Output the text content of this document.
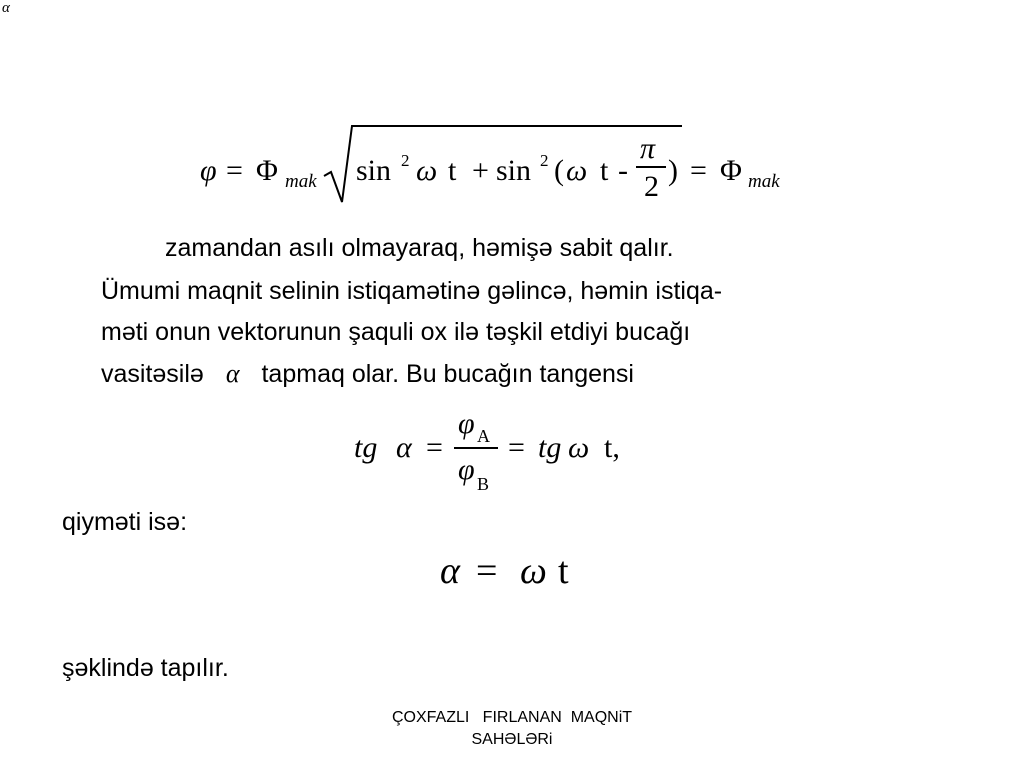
α
φ = Φ mak sin 2 ω t + sin 2 ( ω t -
π
2 ) = Φ mak
zamandan asılı olmayaraq, həmişə sabit qalır.
Ümumi maqnit selinin istiqamətinə gəlincə, həmin istiqa-
məti onun vektorunun şaquli ox ilə təşkil etdiyi bucağı
vasitəsilə α tapmaq olar. Bu bucağın tangensi
tg α =
φ A
φ B
= tg ω t,
qiyməti isə:
α = ω t
şəklində tapılır.
ÇOXFAZLI   FIRLANAN  MAQNiT
SAHƏLƏRi
